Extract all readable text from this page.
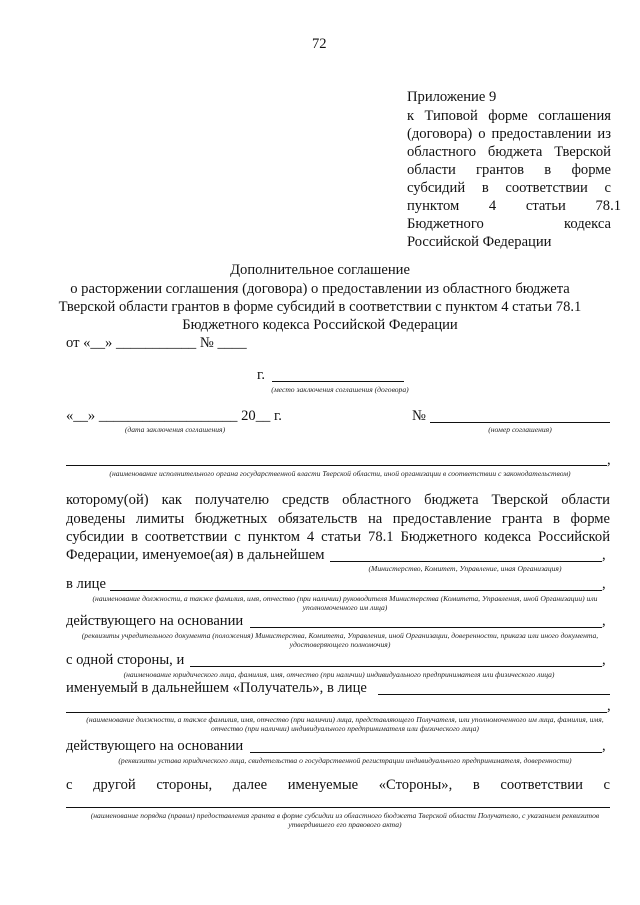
72
Приложение 9
к Типовой форме соглашения
(договора) о предоставлении из
областного бюджета Тверской
области грантов в форме
субсидий в соответствии с
пунктом 4 статьи 78.1
Бюджетного кодекса
Российской Федерации
Дополнительное соглашение
о расторжении соглашения (договора) о предоставлении из областного бюджета
Тверской области грантов в форме субсидий в соответствии с пунктом 4 статьи 78.1
Бюджетного кодекса Российской Федерации
от «__» ___________ № ____
г.
(место заключения соглашения (договора)
«__» ___________________ 20__ г.
(дата заключения соглашения)
№
(номер соглашения)
,
(наименование исполнительного органа государственной власти Тверской области, иной организации в соответствии с законодательством)
которому(ой) как получателю средств областного бюджета Тверской области
доведены лимиты бюджетных обязательств на предоставление гранта в форме
субсидии в соответствии с пунктом 4 статьи 78.1 Бюджетного кодекса Российской
Федерации, именуемое(ая) в дальнейшем	,
(Министерство, Комитет, Управление, иная Организация)
в лице	,
(наименование должности, а также фамилия, имя, отчество (при наличии) руководителя Министерства (Комитета, Управления, иной Организации) или уполномоченного им лица)
действующего на основании	,
(реквизиты учредительного документа (положения) Министерства, Комитета, Управления, иной Организации, доверенности, приказа или иного документа, удостоверяющего полномочия)
с одной стороны, и	,
(наименование юридического лица, фамилия, имя, отчество (при наличии) индивидуального предпринимателя или физического лица)
именуемый в дальнейшем «Получатель», в лице
,
(наименование должности, а также фамилия, имя, отчество (при наличии) лица, представляющего Получателя, или уполномоченного им лица, фамилия, имя, отчество (при наличии) индивидуального предпринимателя или физического лица)
действующего на основании	,
(реквизиты устава юридического лица, свидетельства о государственной регистрации индивидуального предпринимателя, доверенности)
с другой стороны, далее именуемые «Стороны», в соответствии с
(наименование порядка (правил) предоставления гранта в форме субсидии из областного бюджета Тверской области Получателю, с указанием реквизитов утвердившего его правового акта)
